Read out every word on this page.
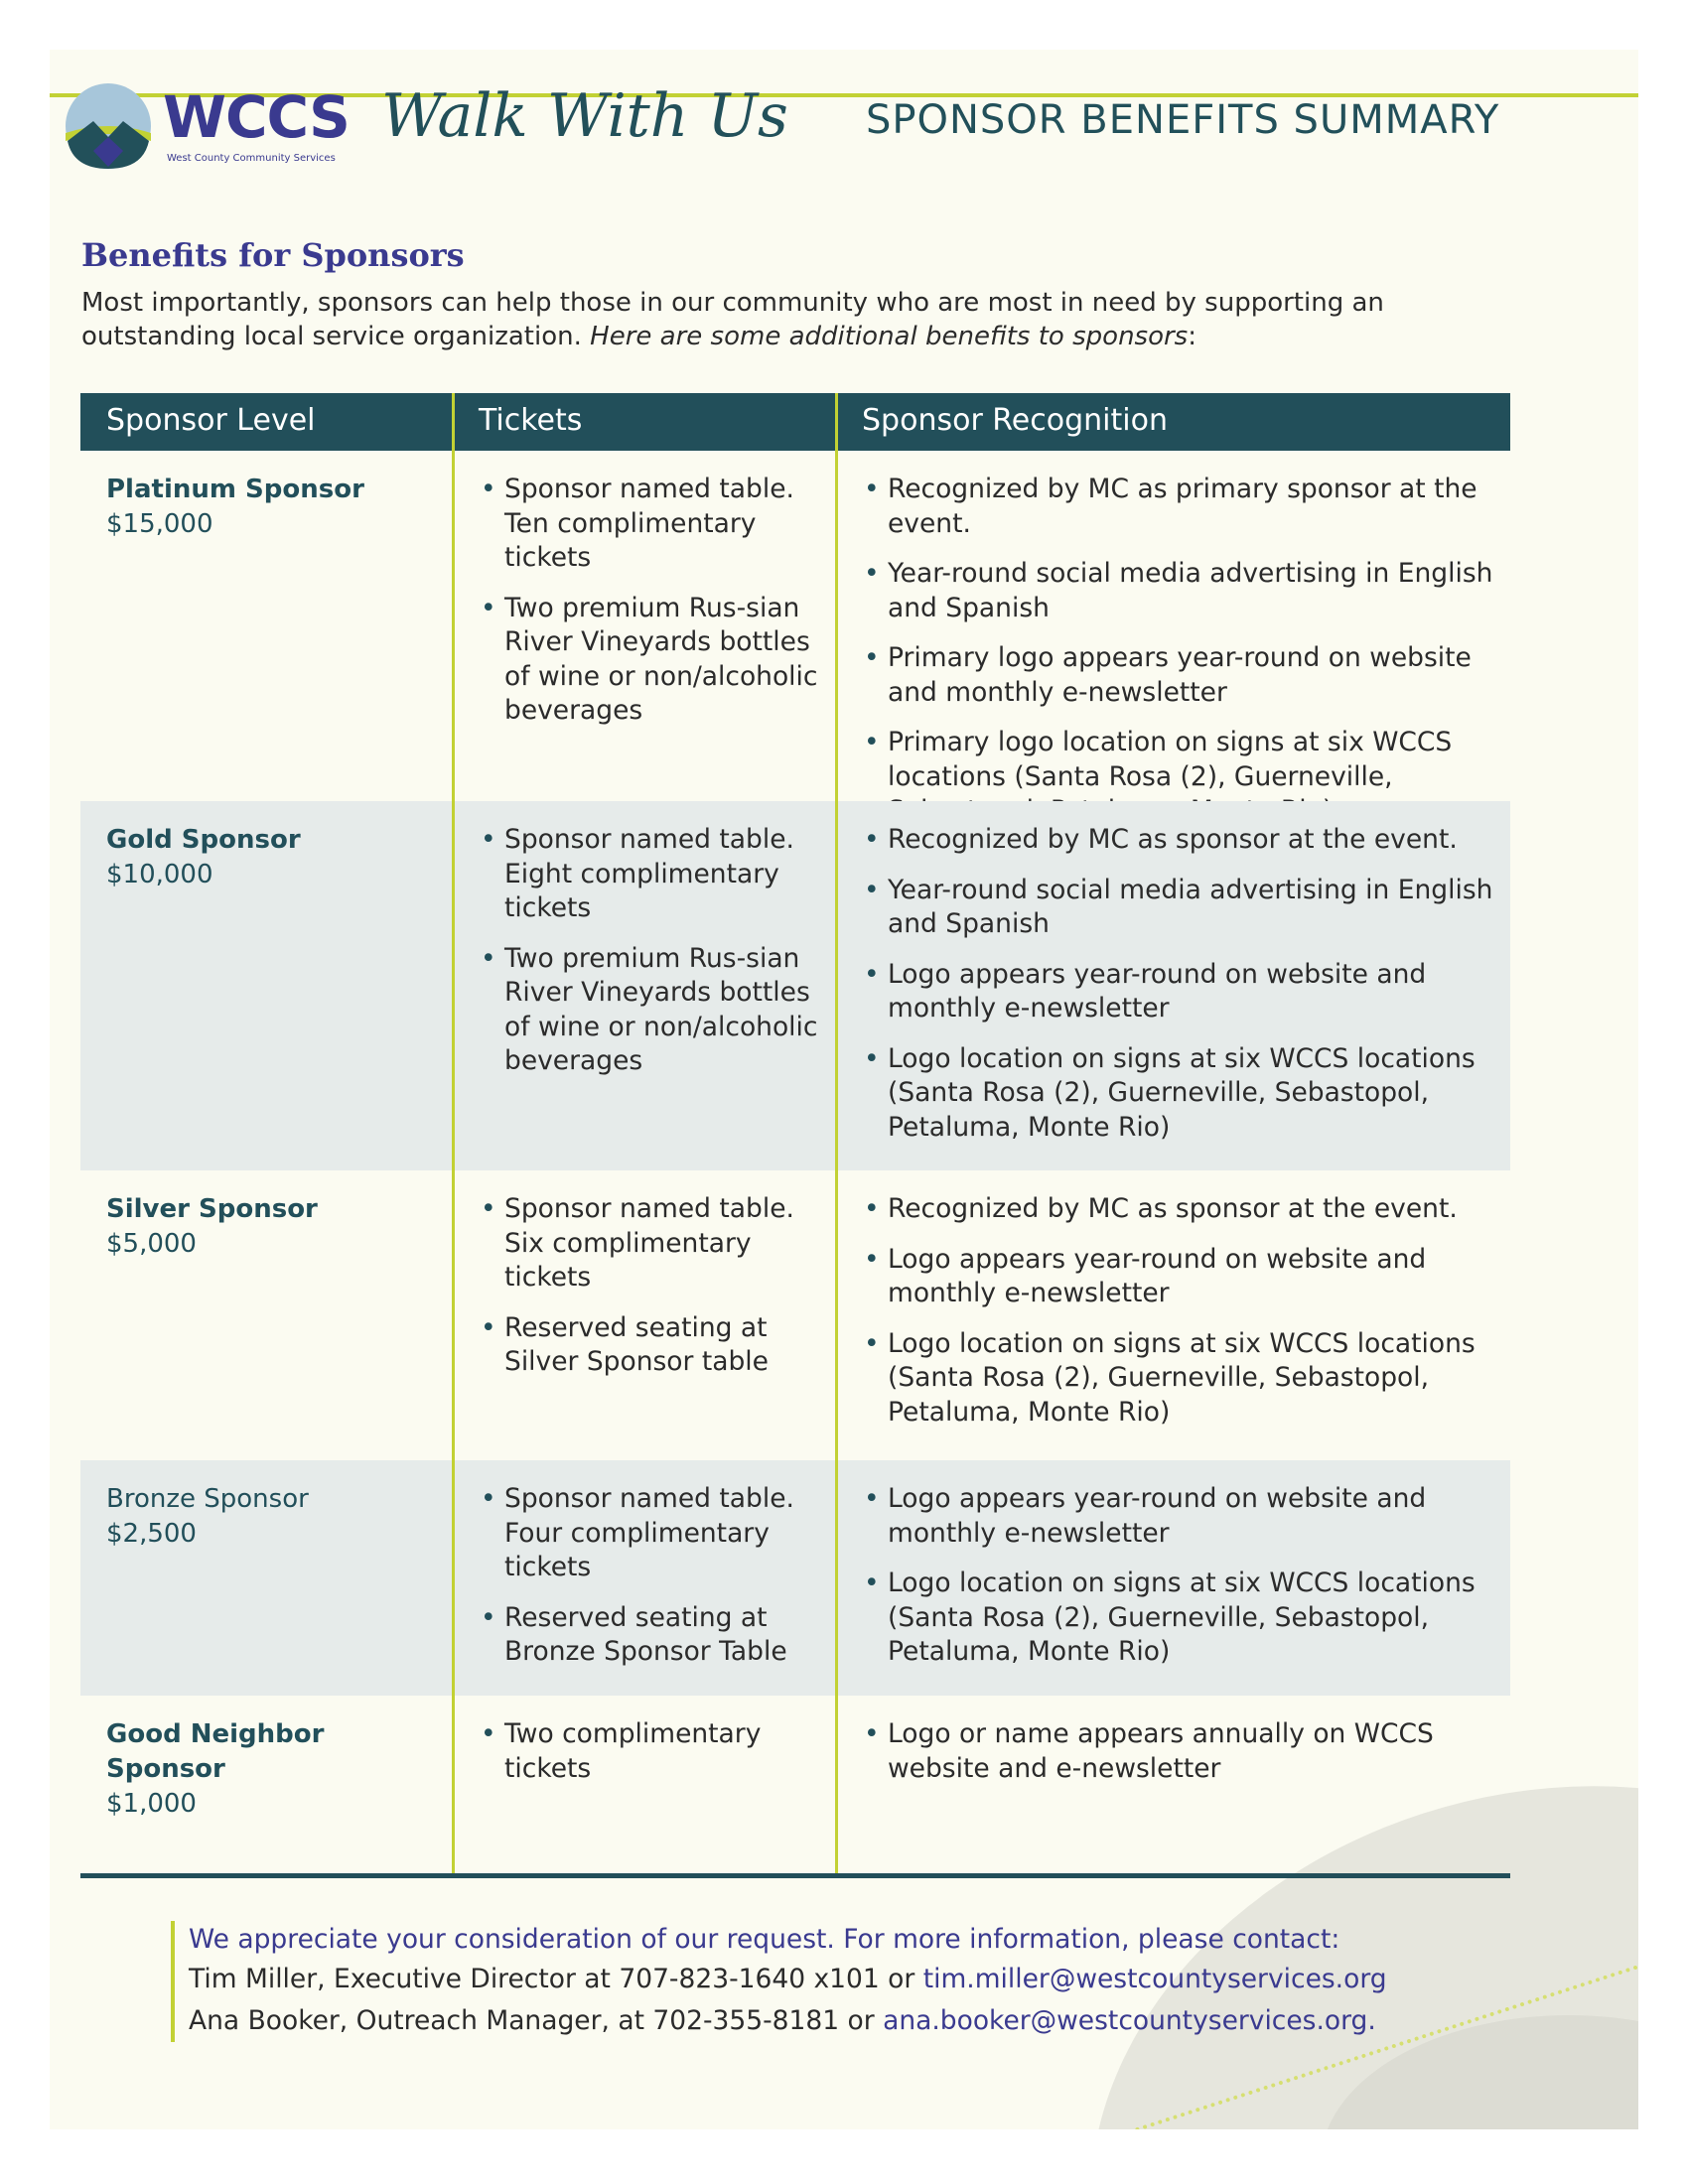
WCCS
West County Community Services
Walk With Us SPONSOR BENEFITS SUMMARY
Benefits for Sponsors

Most importantly, sponsors can help those in our community who are most in need by supporting an outstanding local service organization. Here are some additional benefits to sponsors:

Sponsor Level	Tickets	Sponsor Recognition
Platinum Sponsor
$15,000
• Sponsor named table. Ten complimentary tickets
• Two premium Rus-sian River Vineyards bottles of wine or non/alcoholic beverages
• Recognized by MC as primary sponsor at the event.
• Year-round social media advertising in English and Spanish
• Primary logo appears year-round on website and monthly e-newsletter
• Primary logo location on signs at six WCCS locations (Santa Rosa (2), Guerneville,
Gold Sponsor
$10,000
• Sponsor named table. Eight complimentary tickets
• Two premium Rus-sian River Vineyards bottles of wine or non/alcoholic beverages
• Recognized by MC as sponsor at the event.
• Year-round social media advertising in English and Spanish
• Logo appears year-round on website and monthly e-newsletter
• Logo location on signs at six WCCS locations (Santa Rosa (2), Guerneville, Sebastopol, Petaluma, Monte Rio)
Silver Sponsor
$5,000
• Sponsor named table. Six complimentary tickets
• Reserved seating at Silver Sponsor table
• Recognized by MC as sponsor at the event.
• Logo appears year-round on website and monthly e-newsletter
• Logo location on signs at six WCCS locations (Santa Rosa (2), Guerneville, Sebastopol, Petaluma, Monte Rio)
Bronze Sponsor
$2,500
• Sponsor named table. Four complimentary tickets
• Reserved seating at Bronze Sponsor Table
• Logo appears year-round on website and monthly e-newsletter
• Logo location on signs at six WCCS locations (Santa Rosa (2), Guerneville, Sebastopol, Petaluma, Monte Rio)
Good Neighbor Sponsor
$1,000
• Two complimentary tickets
• Logo or name appears annually on WCCS website and e-newsletter
We appreciate your consideration of our request. For more information, please contact:
Tim Miller, Executive Director at 707-823-1640 x101 or tim.miller@westcountyservices.org
Ana Booker, Outreach Manager, at 702-355-8181 or ana.booker@westcountyservices.org.
